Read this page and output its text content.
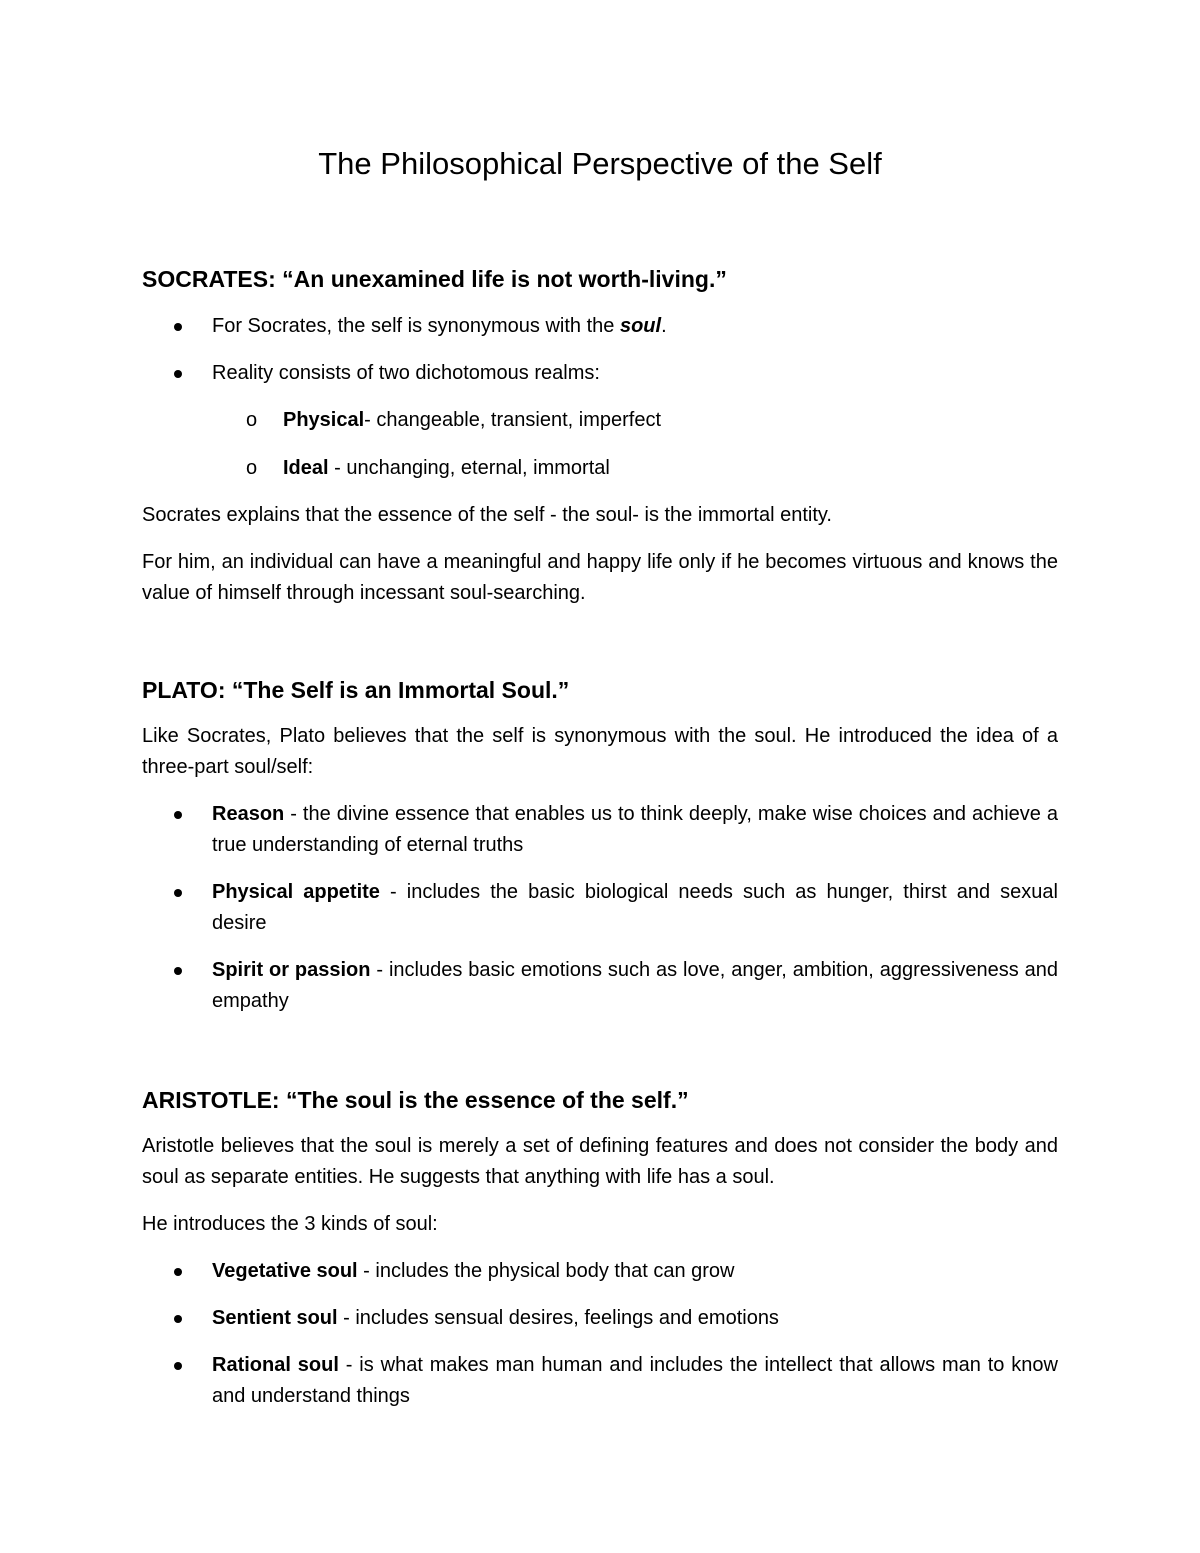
The Philosophical Perspective of the Self
SOCRATES: “An unexamined life is not worth-living.”
For Socrates, the self is synonymous with the soul.
Reality consists of two dichotomous realms:
o Physical- changeable, transient, imperfect
o Ideal - unchanging, eternal, immortal

Socrates explains that the essence of the self - the soul- is the immortal entity.

For him, an individual can have a meaningful and happy life only if he becomes virtuous and knows the value of himself through incessant soul-searching.

PLATO: “The Self is an Immortal Soul.”

Like Socrates, Plato believes that the self is synonymous with the soul. He introduced the idea of a three-part soul/self:

Reason - the divine essence that enables us to think deeply, make wise choices and achieve a true understanding of eternal truths
Physical appetite - includes the basic biological needs such as hunger, thirst and sexual desire
Spirit or passion - includes basic emotions such as love, anger, ambition, aggressiveness and empathy
ARISTOTLE: “The soul is the essence of the self.”

Aristotle believes that the soul is merely a set of defining features and does not consider the body and soul as separate entities. He suggests that anything with life has a soul.

He introduces the 3 kinds of soul:

Vegetative soul - includes the physical body that can grow
Sentient soul - includes sensual desires, feelings and emotions
Rational soul - is what makes man human and includes the intellect that allows man to know and understand things
